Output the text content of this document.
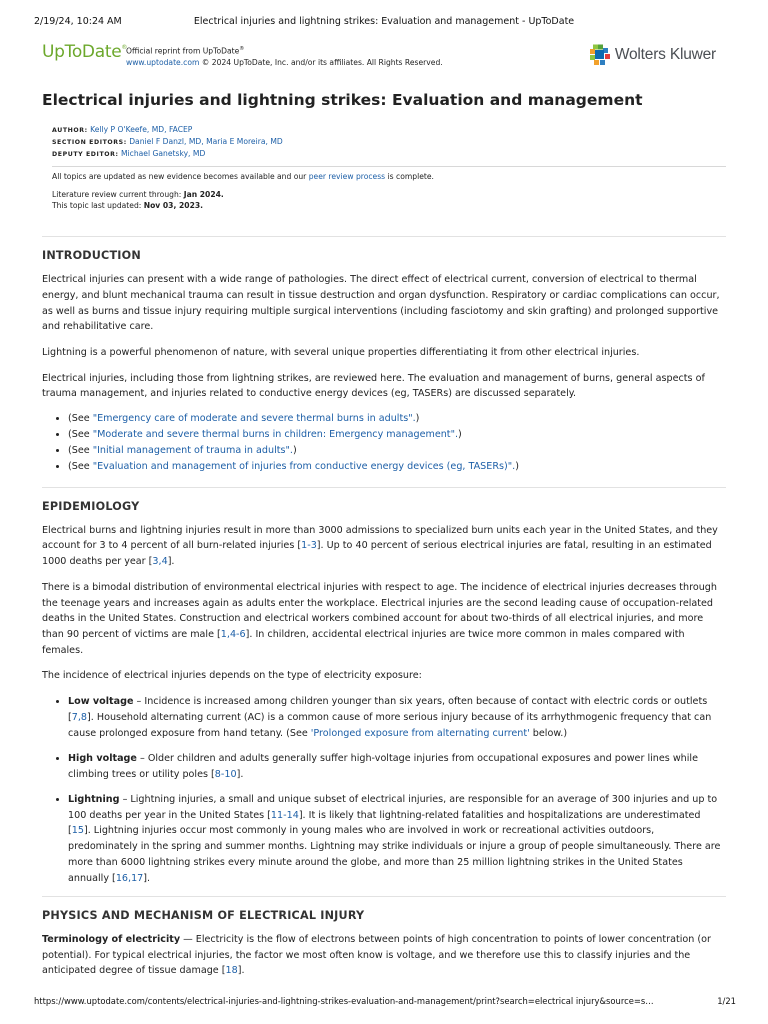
2/19/24, 10:24 AM	Electrical injuries and lightning strikes: Evaluation and management - UpToDate
UpToDate®
Official reprint from UpToDate®
www.uptodate.com © 2024 UpToDate, Inc. and/or its affiliates. All Rights Reserved.	Wolters Kluwer
Electrical injuries and lightning strikes: Evaluation and management
AUTHOR: Kelly P O'Keefe, MD, FACEP
SECTION EDITORS: Daniel F Danzl, MD, Maria E Moreira, MD
DEPUTY EDITOR: Michael Ganetsky, MD

All topics are updated as new evidence becomes available and our peer review process is complete.

Literature review current through: Jan 2024.
This topic last updated: Nov 03, 2023.

INTRODUCTION

Electrical injuries can present with a wide range of pathologies. The direct effect of electrical current, conversion of electrical to thermal energy, and blunt mechanical trauma can result in tissue destruction and organ dysfunction. Respiratory or cardiac complications can occur, as well as burns and tissue injury requiring multiple surgical interventions (including fasciotomy and skin grafting) and prolonged supportive and rehabilitative care.

Lightning is a powerful phenomenon of nature, with several unique properties differentiating it from other electrical injuries.

Electrical injuries, including those from lightning strikes, are reviewed here. The evaluation and management of burns, general aspects of trauma management, and injuries related to conductive energy devices (eg, TASERs) are discussed separately.

• (See "Emergency care of moderate and severe thermal burns in adults".)
• (See "Moderate and severe thermal burns in children: Emergency management".)
• (See "Initial management of trauma in adults".)
• (See "Evaluation and management of injuries from conductive energy devices (eg, TASERs)".)
EPIDEMIOLOGY

Electrical burns and lightning injuries result in more than 3000 admissions to specialized burn units each year in the United States, and they account for 3 to 4 percent of all burn-related injuries [1-3]. Up to 40 percent of serious electrical injuries are fatal, resulting in an estimated 1000 deaths per year [3,4].

There is a bimodal distribution of environmental electrical injuries with respect to age. The incidence of electrical injuries decreases through the teenage years and increases again as adults enter the workplace. Electrical injuries are the second leading cause of occupation-related deaths in the United States. Construction and electrical workers combined account for about two-thirds of all electrical injuries, and more than 90 percent of victims are male [1,4-6]. In children, accidental electrical injuries are twice more common in males compared with females.

The incidence of electrical injuries depends on the type of electricity exposure:

• Low voltage – Incidence is increased among children younger than six years, often because of contact with electric cords or outlets [7,8]. Household alternating current (AC) is a common cause of more serious injury because of its arrhythmogenic frequency that can cause prolonged exposure from hand tetany. (See 'Prolonged exposure from alternating current' below.)
• High voltage – Older children and adults generally suffer high-voltage injuries from occupational exposures and power lines while climbing trees or utility poles [8-10].
• Lightning – Lightning injuries, a small and unique subset of electrical injuries, are responsible for an average of 300 injuries and up to 100 deaths per year in the United States [11-14]. It is likely that lightning-related fatalities and hospitalizations are underestimated [15]. Lightning injuries occur most commonly in young males who are involved in work or recreational activities outdoors, predominately in the spring and summer months. Lightning may strike individuals or injure a group of people simultaneously. There are more than 6000 lightning strikes every minute around the globe, and more than 25 million lightning strikes in the United States annually [16,17].
PHYSICS AND MECHANISM OF ELECTRICAL INJURY

Terminology of electricity — Electricity is the flow of electrons between points of high concentration to points of lower concentration (or potential). For typical electrical injuries, the factor we most often know is voltage, and we therefore use this to classify injuries and the anticipated degree of tissue damage [18].

https://www.uptodate.com/contents/electrical-injuries-and-lightning-strikes-evaluation-and-management/print?search=electrical injury&source=s…	1/21
